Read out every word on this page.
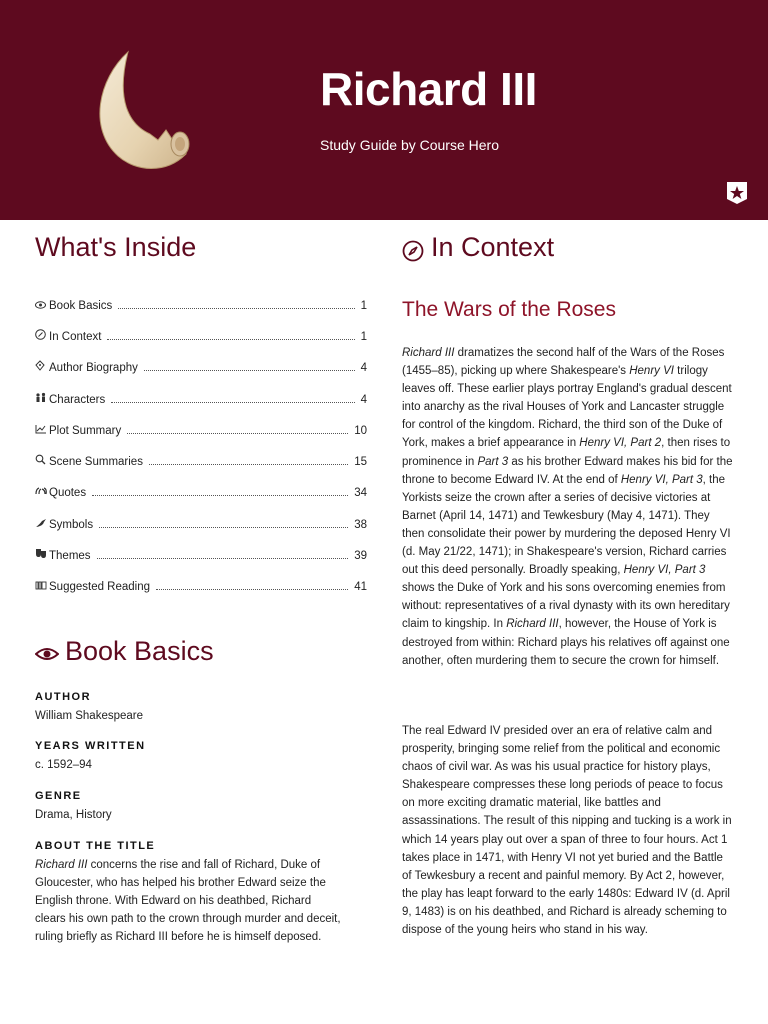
Richard III
Study Guide by Course Hero
What's Inside
Book Basics	1
In Context	1
Author Biography	4
Characters	4
Plot Summary	10
Scene Summaries	15
Quotes	34
Symbols	38
Themes	39
Suggested Reading	41
Book Basics
AUTHOR
William Shakespeare
YEARS WRITTEN
c. 1592–94
GENRE
Drama, History
ABOUT THE TITLE
Richard III concerns the rise and fall of Richard, Duke of Gloucester, who has helped his brother Edward seize the English throne. With Edward on his deathbed, Richard clears his own path to the crown through murder and deceit, ruling briefly as Richard III before he is himself deposed.
In Context
The Wars of the Roses
Richard III dramatizes the second half of the Wars of the Roses (1455–85), picking up where Shakespeare's Henry VI trilogy leaves off. These earlier plays portray England's gradual descent into anarchy as the rival Houses of York and Lancaster struggle for control of the kingdom. Richard, the third son of the Duke of York, makes a brief appearance in Henry VI, Part 2, then rises to prominence in Part 3 as his brother Edward makes his bid for the throne to become Edward IV. At the end of Henry VI, Part 3, the Yorkists seize the crown after a series of decisive victories at Barnet (April 14, 1471) and Tewkesbury (May 4, 1471). They then consolidate their power by murdering the deposed Henry VI (d. May 21/22, 1471); in Shakespeare's version, Richard carries out this deed personally. Broadly speaking, Henry VI, Part 3 shows the Duke of York and his sons overcoming enemies from without: representatives of a rival dynasty with its own hereditary claim to kingship. In Richard III, however, the House of York is destroyed from within: Richard plays his relatives off against one another, often murdering them to secure the crown for himself.
The real Edward IV presided over an era of relative calm and prosperity, bringing some relief from the political and economic chaos of civil war. As was his usual practice for history plays, Shakespeare compresses these long periods of peace to focus on more exciting dramatic material, like battles and assassinations. The result of this nipping and tucking is a work in which 14 years play out over a span of three to four hours. Act 1 takes place in 1471, with Henry VI not yet buried and the Battle of Tewkesbury a recent and painful memory. By Act 2, however, the play has leapt forward to the early 1480s: Edward IV (d. April 9, 1483) is on his deathbed, and Richard is already scheming to dispose of the young heirs who stand in his way.
